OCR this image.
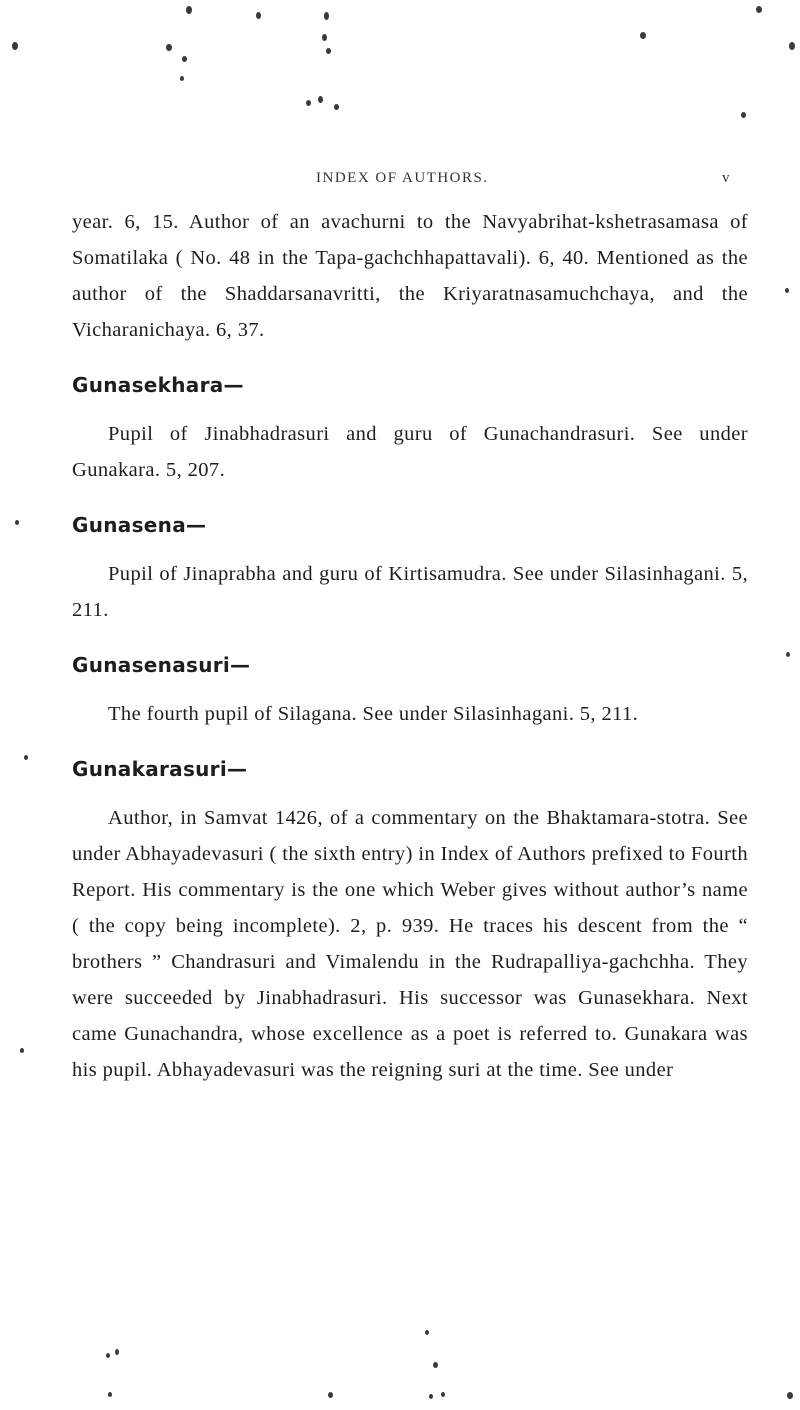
INDEX OF AUTHORS.	v

year. 6, 15. Author of an avachurni to the Navyabrihat-kshetrasamasa of Somatilaka ( No. 48 in the Tapa-gachchhapattavali). 6, 40. Mentioned as the author of the Shaddarsanavritti, the Kriyaratnasamuchchaya, and the Vicharanichaya. 6, 37.

Gunasekhara—

Pupil of Jinabhadrasuri and guru of Gunachandrasuri. See under Gunakara. 5, 207.

Gunasena—

Pupil of Jinaprabha and guru of Kirtisamudra. See under Silasinhagani. 5, 211.

Gunasenasuri—

The fourth pupil of Silagana. See under Silasinhagani. 5, 211.

Gunakarasuri—

Author, in Samvat 1426, of a commentary on the Bhaktamara-stotra. See under Abhayadevasuri ( the sixth entry) in Index of Authors prefixed to Fourth Report. His commentary is the one which Weber gives without author’s name ( the copy being incomplete). 2, p. 939. He traces his descent from the “ brothers ” Chandrasuri and Vimalendu in the Rudrapalliya-gachchha. They were succeeded by Jinabhadrasuri. His successor was Gunasekhara. Next came Gunachandra, whose excellence as a poet is referred to. Gunakara was his pupil. Abhayadevasuri was the reigning suri at the time. See under
